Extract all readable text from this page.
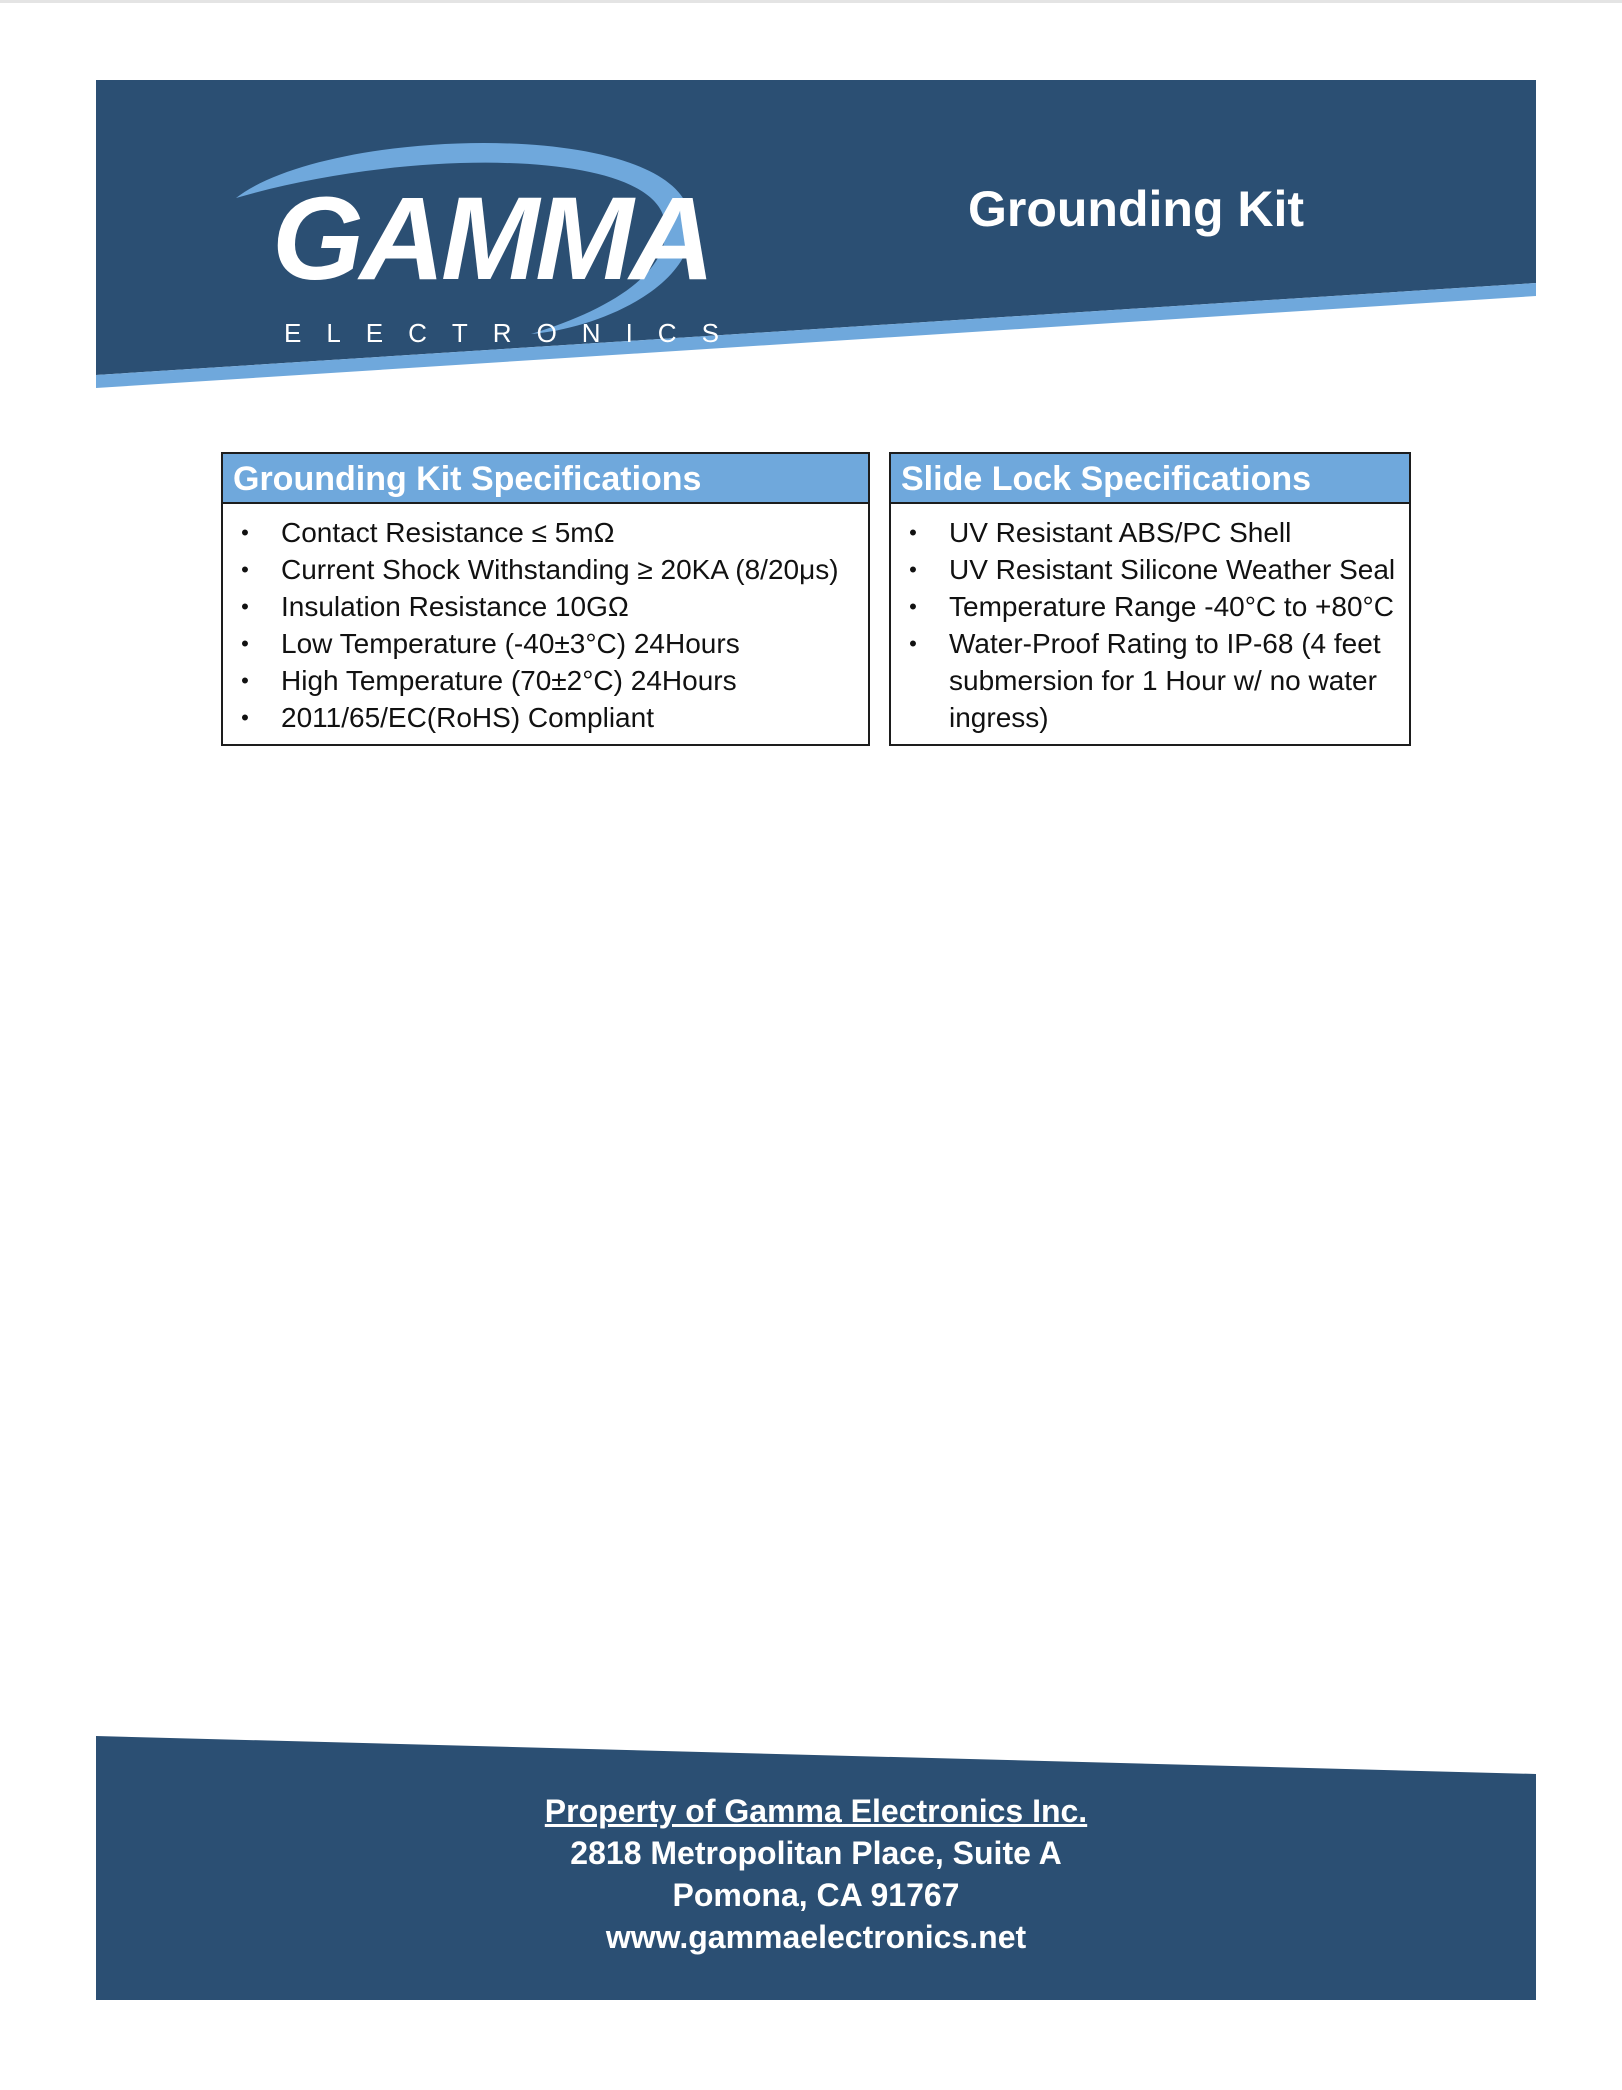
GAMMA
ELECTRONICS
Grounding Kit
Grounding Kit Specifications
• Contact Resistance ≤ 5mΩ
• Current Shock Withstanding ≥ 20KA (8/20μs)
• Insulation Resistance 10GΩ
• Low Temperature (-40±3°C) 24Hours
• High Temperature (70±2°C) 24Hours
• 2011/65/EC(RoHS) Compliant
Slide Lock Specifications
• UV Resistant ABS/PC Shell
• UV Resistant Silicone Weather Seal
• Temperature Range -40°C to +80°C
• Water-Proof Rating to IP-68 (4 feet submersion for 1 Hour w/ no water ingress)
Property of Gamma Electronics Inc.
2818 Metropolitan Place, Suite A
Pomona, CA 91767
www.gammaelectronics.net
